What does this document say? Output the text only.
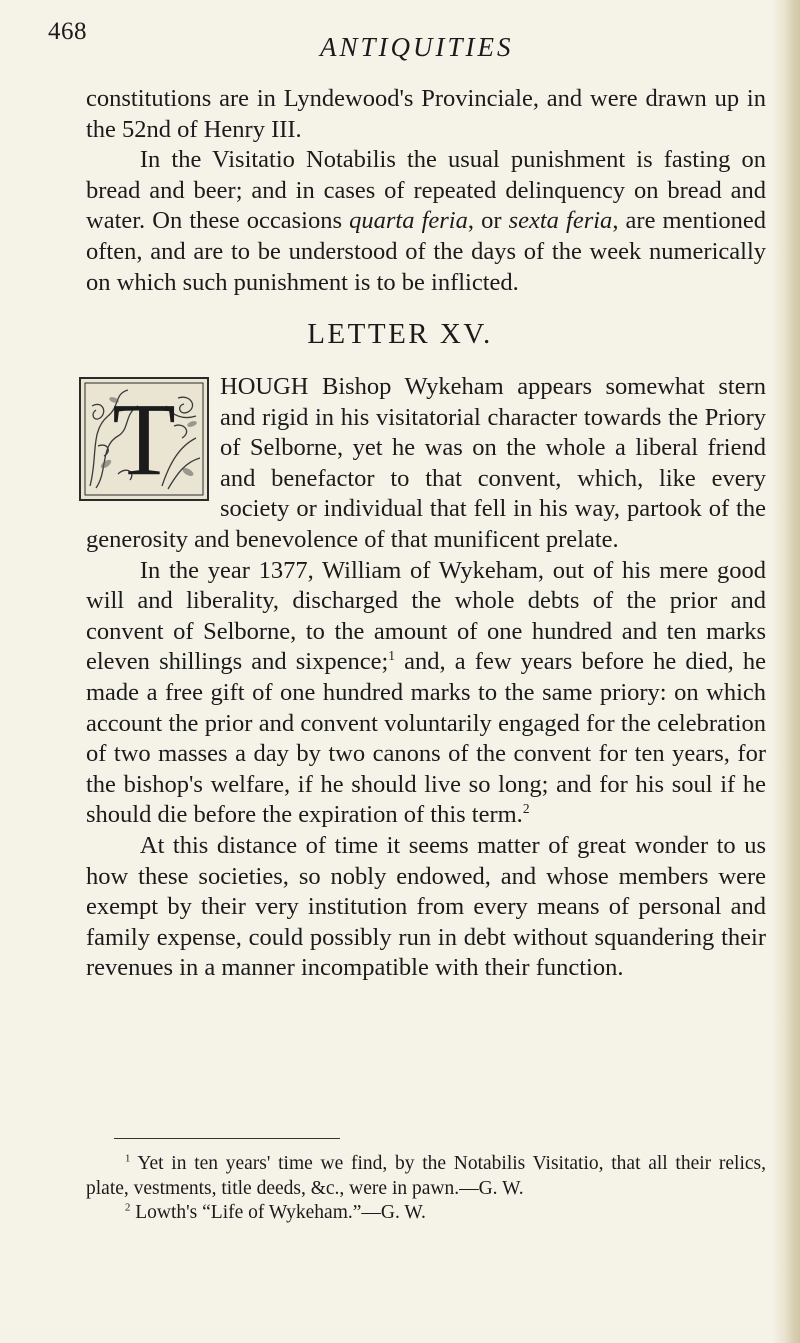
468
ANTIQUITIES

constitutions are in Lyndewood's Provinciale, and were drawn up in the 52nd of Henry III.

In the Visitatio Notabilis the usual punishment is fasting on bread and beer; and in cases of repeated delinquency on bread and water. On these occasions quarta feria, or sexta feria, are mentioned often, and are to be understood of the days of the week numerically on which such punishment is to be inflicted.

LETTER XV.

T HOUGH Bishop Wykeham appears somewhat stern and rigid in his visitatorial character towards the Priory of Selborne, yet he was on the whole a liberal friend and benefactor to that convent, which, like every society or individual that fell in his way, partook of the generosity and benevolence of that munificent prelate.

In the year 1377, William of Wykeham, out of his mere good will and liberality, discharged the whole debts of the prior and convent of Selborne, to the amount of one hundred and ten marks eleven shillings and sixpence;$^1$ and, a few years before he died, he made a free gift of one hundred marks to the same priory: on which account the prior and convent voluntarily engaged for the celebration of two masses a day by two canons of the convent for ten years, for the bishop's welfare, if he should live so long; and for his soul if he should die before the expiration of this term.$^2$

At this distance of time it seems matter of great wonder to us how these societies, so nobly endowed, and whose members were exempt by their very institution from every means of personal and family expense, could possibly run in debt without squandering their revenues in a manner incompatible with their function.

$^1$ Yet in ten years' time we find, by the Notabilis Visitatio, that all their relics, plate, vestments, title deeds, &c., were in pawn.—G. W.

$^2$ Lowth's “Life of Wykeham.”—G. W.
